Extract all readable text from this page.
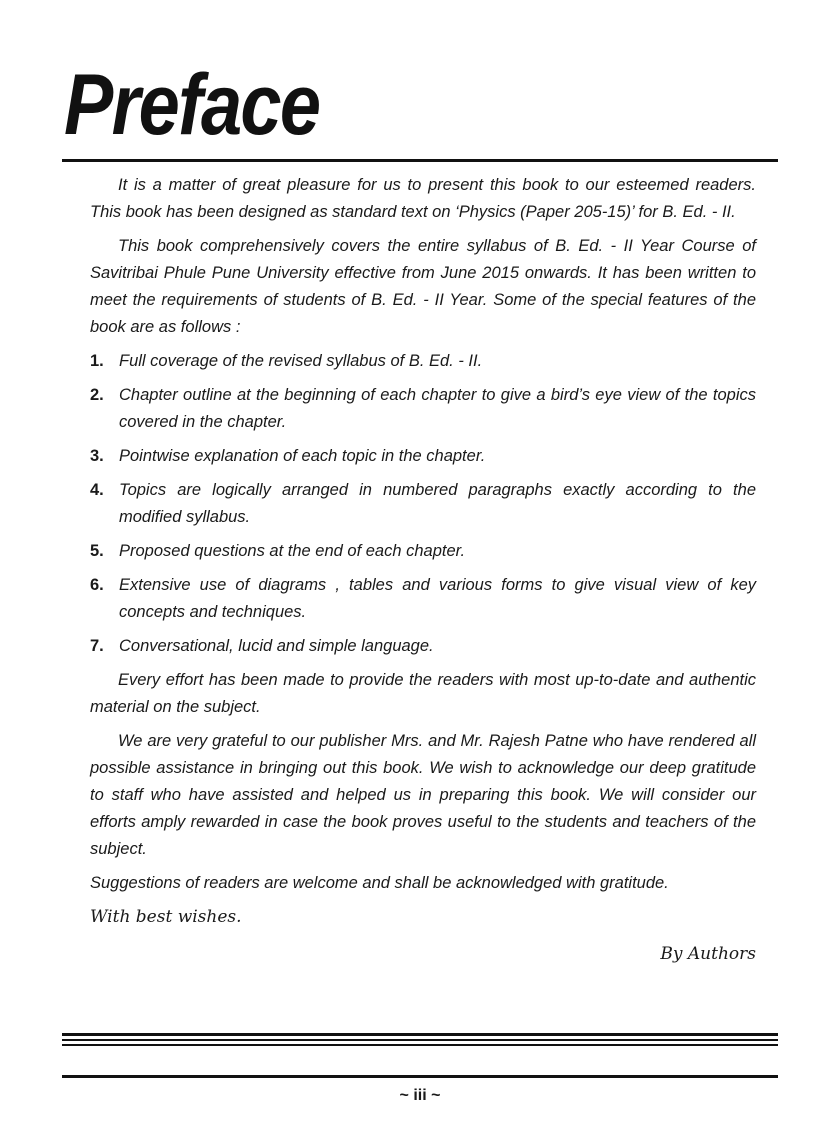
Preface

It is a matter of great pleasure for us to present this book to our esteemed readers. This book has been designed as standard text on ‘Physics (Paper 205-15)’ for B. Ed. - II.

This book comprehensively covers the entire syllabus of B. Ed. - II Year Course of Savitribai Phule Pune University effective from June 2015 onwards. It has been written to meet the requirements of students of B. Ed. - II Year. Some of the special features of the book are as follows :

1. Full coverage of the revised syllabus of B. Ed. - II.
2. Chapter outline at the beginning of each chapter to give a bird’s eye view of the topics covered in the chapter.
3. Pointwise explanation of each topic in the chapter.
4. Topics are logically arranged in numbered paragraphs exactly according to the modified syllabus.
5. Proposed questions at the end of each chapter.
6. Extensive use of diagrams , tables and various forms to give visual view of key concepts and techniques.
7. Conversational, lucid and simple language.

Every effort has been made to provide the readers with most up-to-date and authentic material on the subject.

We are very grateful to our publisher Mrs. and Mr. Rajesh Patne who have rendered all possible assistance in bringing out this book. We wish to acknowledge our deep gratitude to staff who have assisted and helped us in preparing this book. We will consider our efforts amply rewarded in case the book proves useful to the students and teachers of the subject.

Suggestions of readers are welcome and shall be acknowledged with gratitude.

With best wishes.

By Authors

~ iii ~
